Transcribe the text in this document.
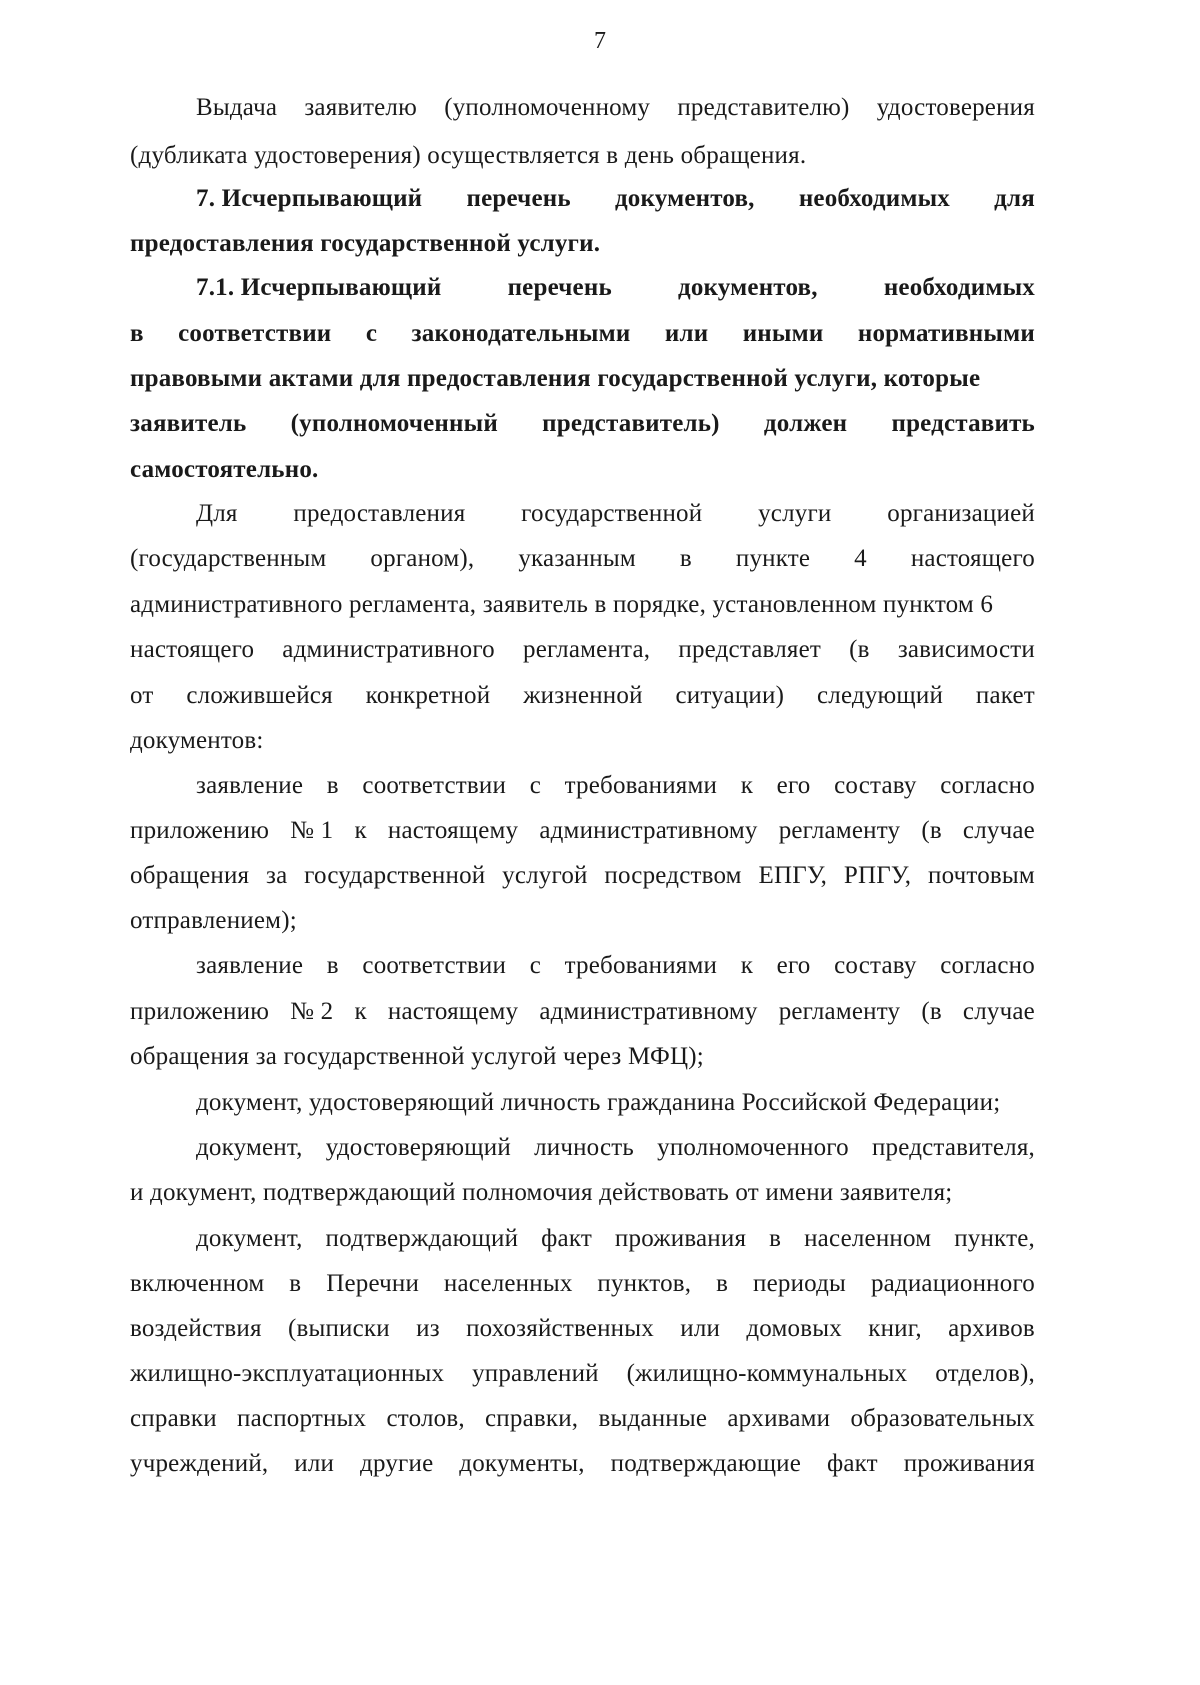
7
Выдача заявителю (уполномоченному представителю) удостоверения
(дубликата удостоверения) осуществляется в день обращения.
7. Исчерпывающий перечень документов, необходимых для
предоставления государственной услуги.
7.1. Исчерпывающий	перечень	документов,	необходимых
в соответствии с законодательными или иными нормативными
правовыми актами для предоставления государственной услуги, которые
заявитель (уполномоченный представитель) должен представить
самостоятельно.
Для предоставления государственной услуги организацией
(государственным органом), указанным в пункте 4 настоящего
административного регламента, заявитель в порядке, установленном пунктом 6
настоящего административного регламента, представляет (в зависимости
от сложившейся конкретной жизненной ситуации) следующий пакет
документов:
заявление в соответствии с требованиями к его составу согласно
приложению № 1 к настоящему административному регламенту (в случае
обращения за государственной услугой посредством ЕПГУ, РПГУ, почтовым
отправлением);
заявление в соответствии с требованиями к его составу согласно
приложению № 2 к настоящему административному регламенту (в случае
обращения за государственной услугой через МФЦ);
документ, удостоверяющий личность гражданина Российской Федерации;
документ, удостоверяющий личность уполномоченного представителя,
и документ, подтверждающий полномочия действовать от имени заявителя;
документ, подтверждающий факт проживания в населенном пункте,
включенном в Перечни населенных пунктов, в периоды радиационного
воздействия (выписки из похозяйственных или домовых книг, архивов
жилищно-эксплуатационных управлений (жилищно-коммунальных отделов),
справки паспортных столов, справки, выданные архивами образовательных
учреждений, или другие документы, подтверждающие факт проживания
